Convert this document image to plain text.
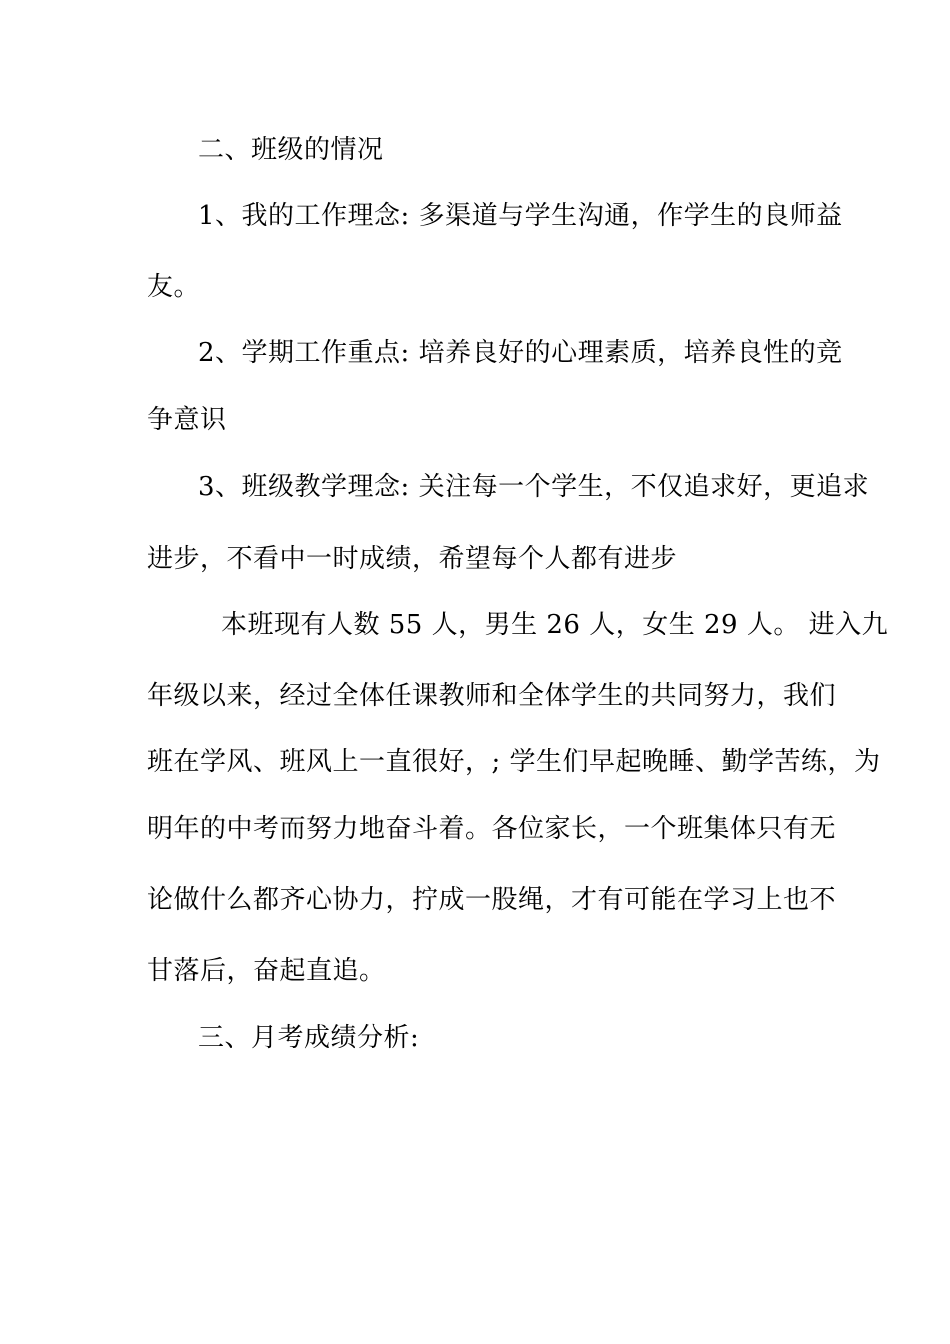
二、班级的情况
1、我的工作理念: 多渠道与学生沟通，作学生的良师益
友。
2、学期工作重点: 培养良好的心理素质，培养良性的竞
争意识
3、班级教学理念: 关注每一个学生，不仅追求好，更追求
进步，不看中一时成绩，希望每个人都有进步
本班现有人数 55 人，男生 26 人，女生 29 人。 进入九
年级以来，经过全体任课教师和全体学生的共同努力，我们
班在学风、班风上一直很好，; 学生们早起晚睡、勤学苦练，为
明年的中考而努力地奋斗着。各位家长，一个班集体只有无
论做什么都齐心协力，拧成一股绳，才有可能在学习上也不
甘落后，奋起直追。
三、月考成绩分析:
